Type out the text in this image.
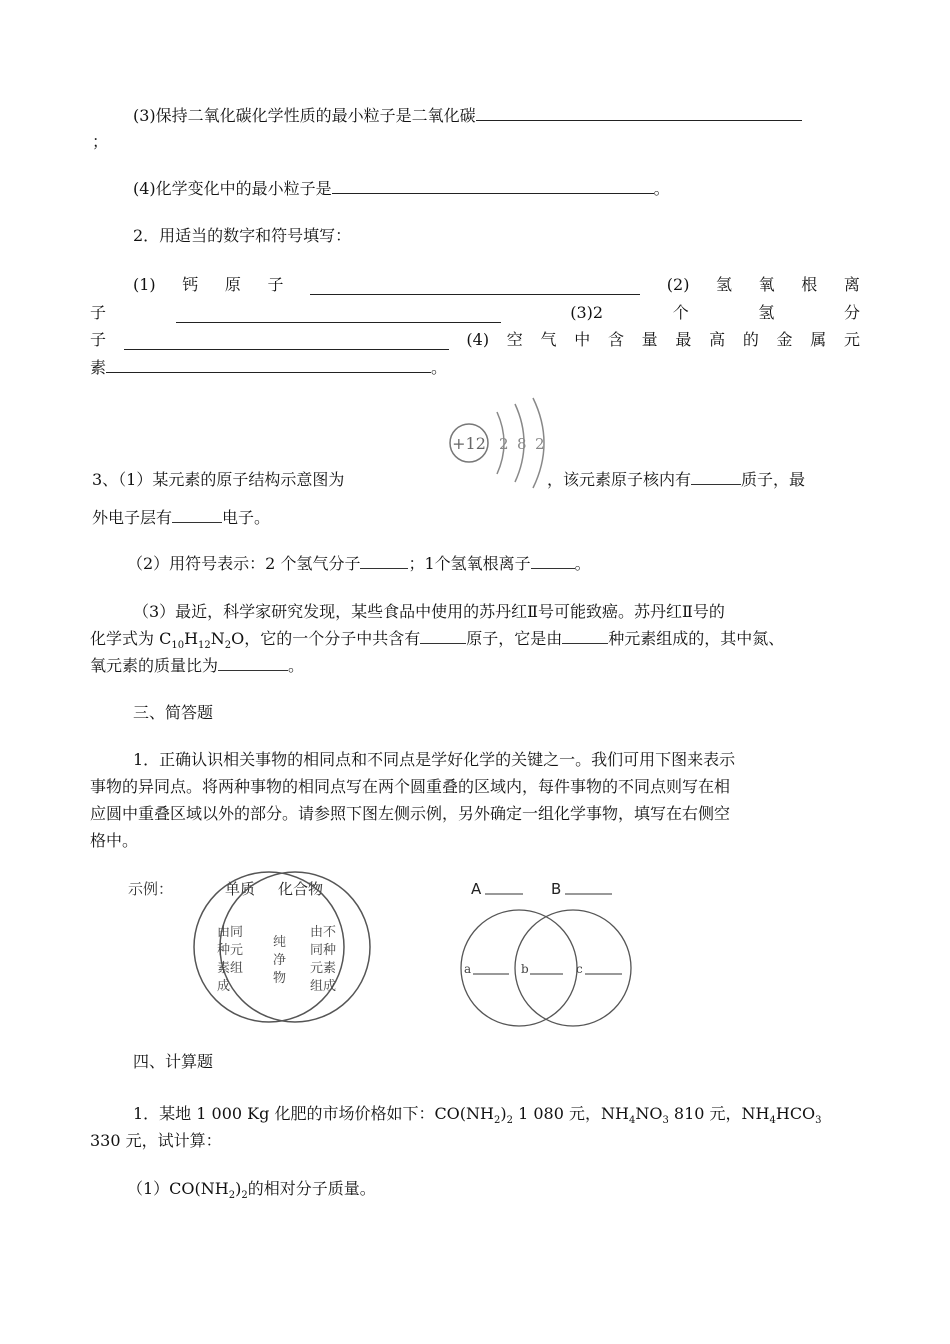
(3)保持二氧化碳化学性质的最小粒子是二氧化碳
；
(4)化学变化中的最小粒子是	。
2．用适当的数字和符号填写：
(1) 钙 原 子	(2) 氢 氧 根 离
子	(3)2	个	氢	分
子	(4) 空 气 中 含 量 最 高 的 金 属 元
素	。
+12 2 8 2
3、（1）某元素的原子结构示意图为	，该元素原子核内有	质子，最
外电子层有	电子。
（2）用符号表示：2 个氢气分子	；1个氢氧根离子	。
（3）最近，科学家研究发现，某些食品中使用的苏丹红Ⅱ号可能致癌。苏丹红Ⅱ号的
化学式为 $C_{10}H_{12}N_2O$，它的一个分子中共含有	原子，它是由	种元素组成的，其中氮、
氧元素的质量比为	。
三、简答题
1．正确认识相关事物的相同点和不同点是学好化学的关键之一。我们可用下图来表示
事物的异同点。将两种事物的相同点写在两个圆重叠的区域内，每件事物的不同点则写在相
应圆中重叠区域以外的部分。请参照下图左侧示例，另外确定一组化学事物，填写在右侧空
格中。
示例：	单质 化合物
由同
种元
素组
成
纯
净
物
由不
同种
元素
组成
A	B
a	b	c
四、计算题
1．某地 1 000 Kg 化肥的市场价格如下：$CO(NH_2)_2$ 1 080 元，$NH_4NO_3$ 810 元，$NH_4HCO_3$
330 元，试计算：
$(1)CO(NH_2)_2$的相对分子质量。
